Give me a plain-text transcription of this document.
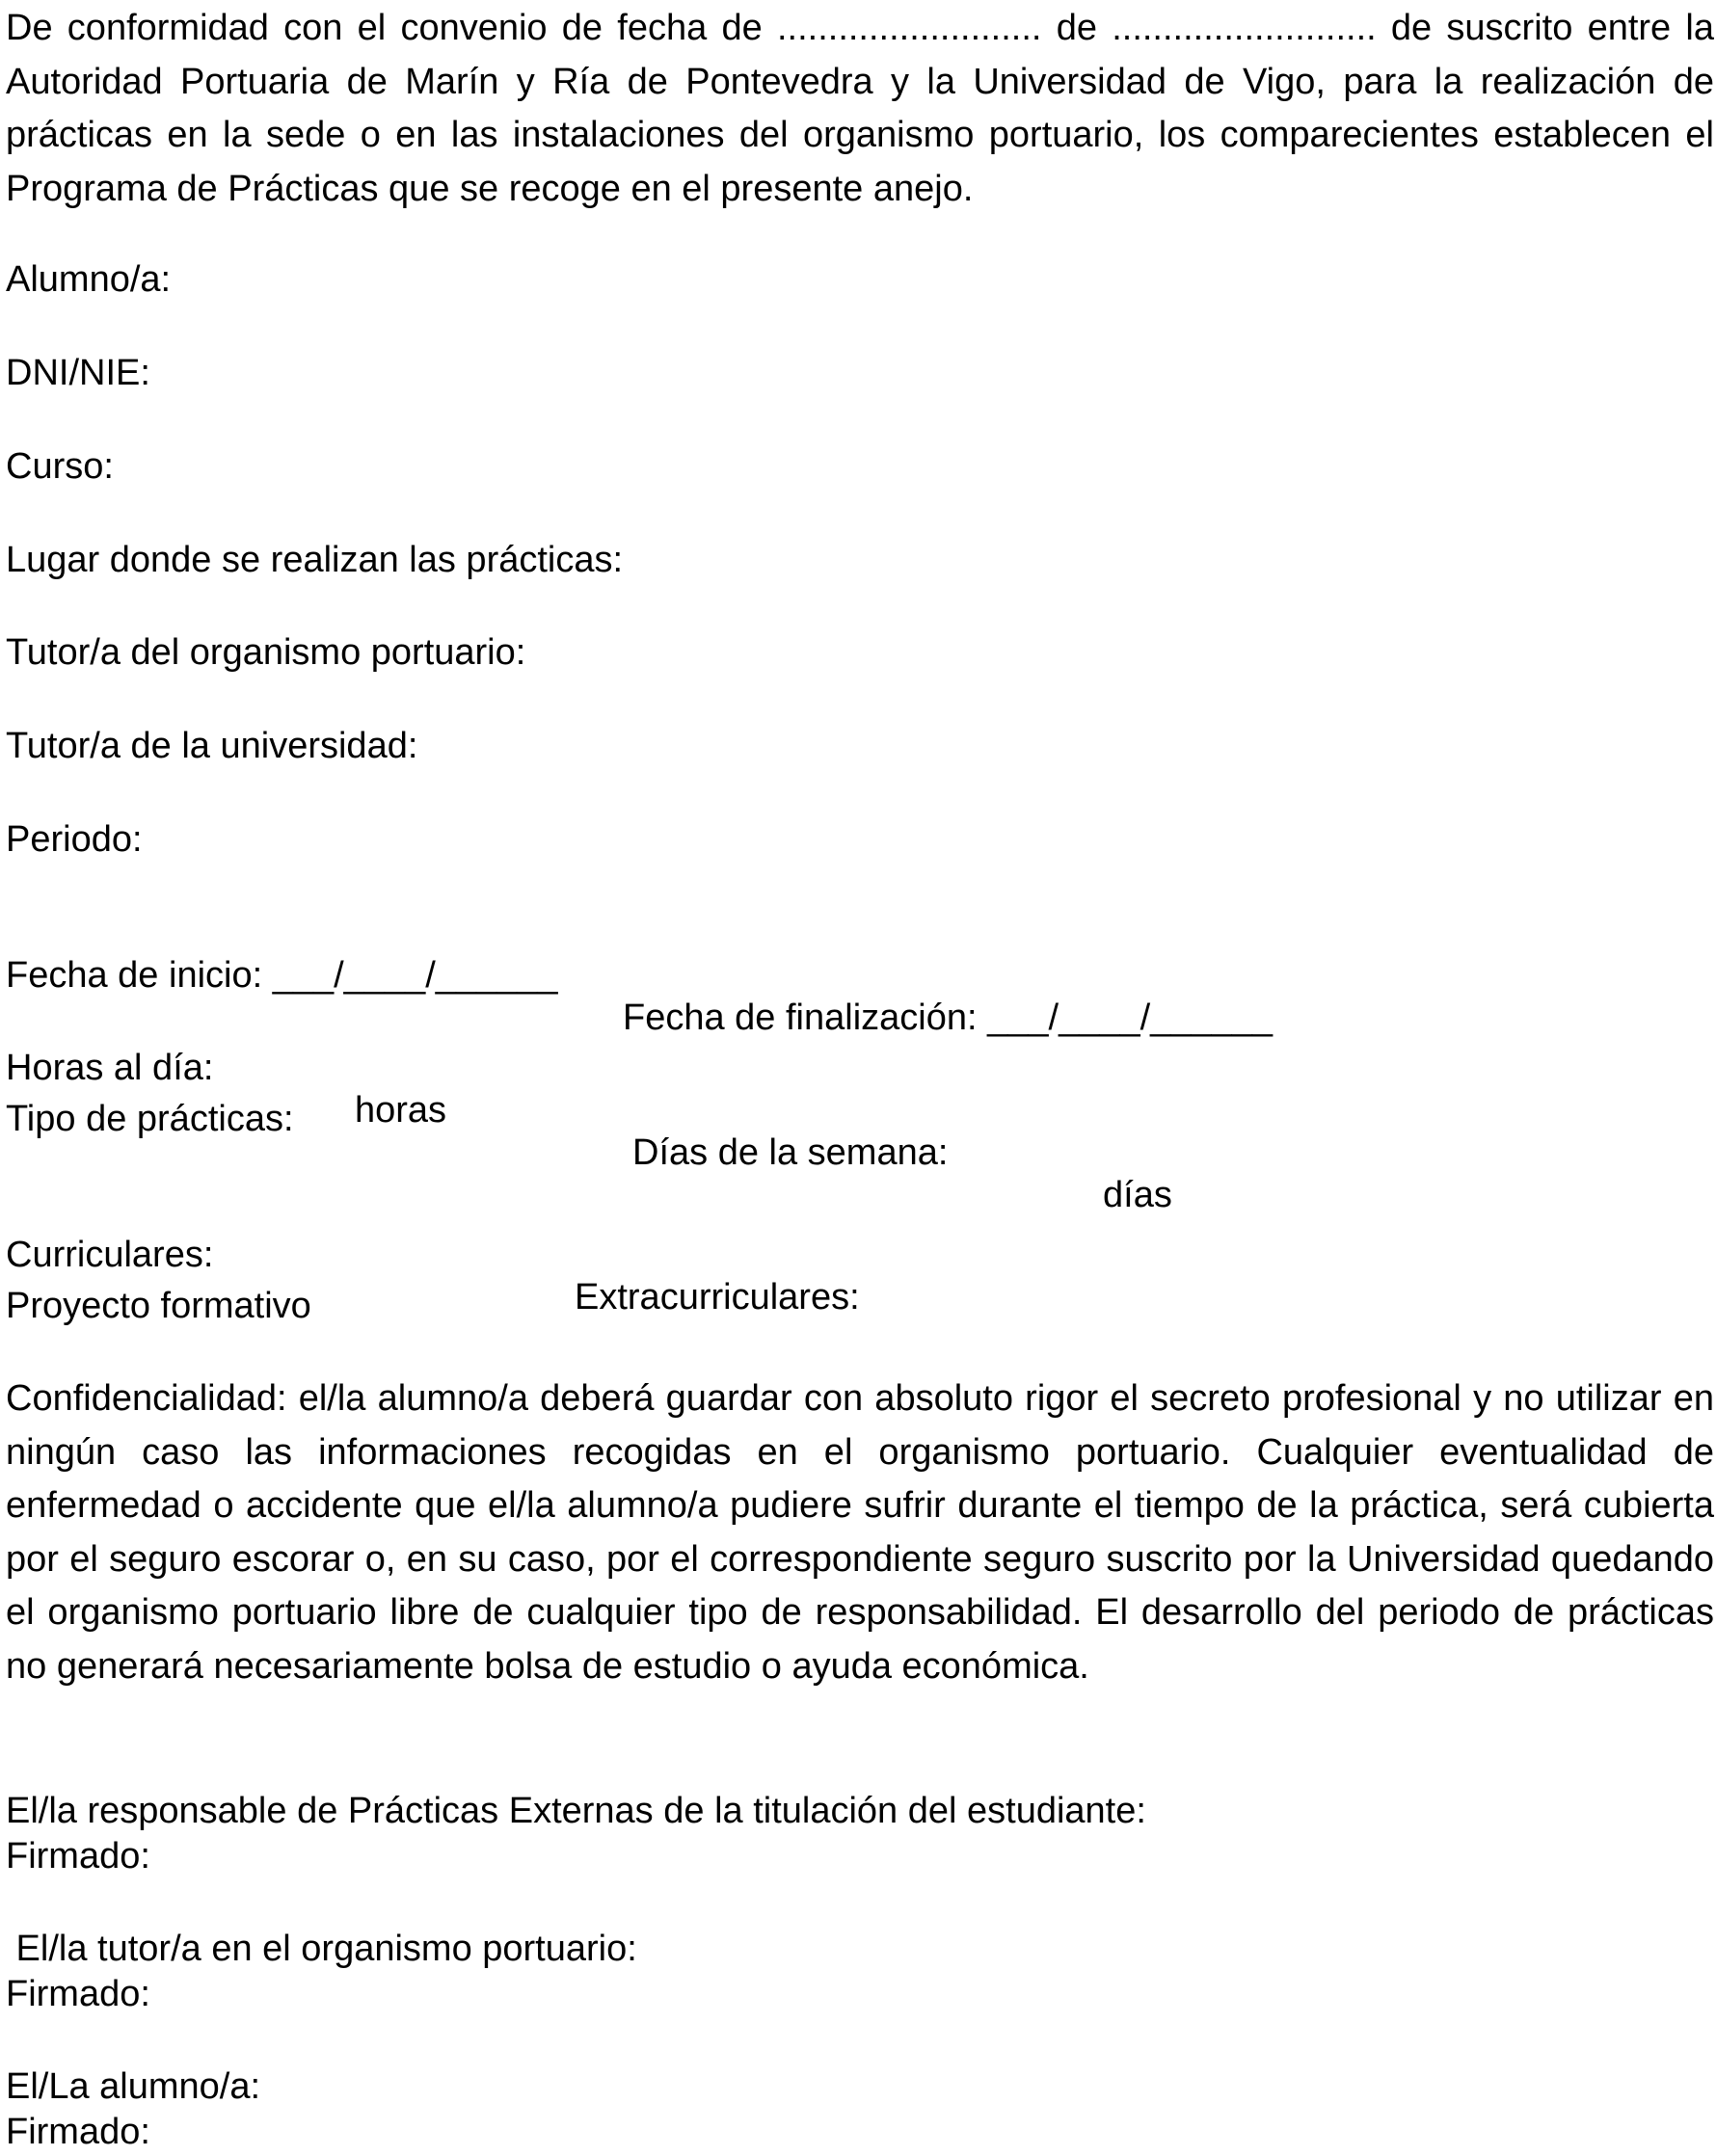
De conformidad con el convenio de fecha de .......................... de .......................... de suscrito entre la Autoridad Portuaria de Marín y Ría de Pontevedra y la Universidad de Vigo, para la realización de prácticas en la sede o en las instalaciones del organismo portuario, los comparecientes establecen el Programa de Prácticas que se recoge en el presente anejo.

Alumno/a:
DNI/NIE:
Curso:
Lugar donde se realizan las prácticas:
Tutor/a del organismo portuario:
Tutor/a de la universidad:
Periodo:

Fecha de inicio: ___/____/______

Fecha de finalización: ___/____/______

Horas al día:

horas

Días de la semana:

días

Tipo de prácticas:

Curriculares:

Extracurriculares:

Proyecto formativo

Confidencialidad: el/la alumno/a deberá guardar con absoluto rigor el secreto profesional y no utilizar en ningún caso las informaciones recogidas en el organismo portuario. Cualquier eventualidad de enfermedad o accidente que el/la alumno/a pudiere sufrir durante el tiempo de la práctica, será cubierta por el seguro escorar o, en su caso, por el correspondiente seguro suscrito por la Universidad quedando el organismo portuario libre de cualquier tipo de responsabilidad. El desarrollo del periodo de prácticas no generará necesariamente bolsa de estudio o ayuda económica.

El/la responsable de Prácticas Externas de la titulación del estudiante:
Firmado:
El/la tutor/a en el organismo portuario:
Firmado:
El/La alumno/a:
Firmado:
